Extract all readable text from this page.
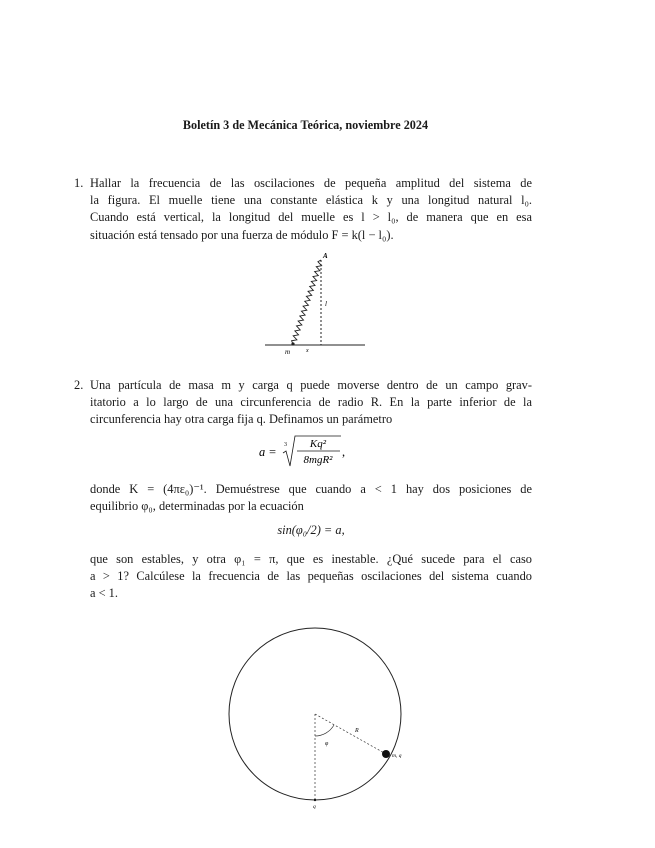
Boletín 3 de Mecánica Teórica, noviembre 2024
1. Hallar la frecuencia de las oscilaciones de pequeña amplitud del sistema de
la figura. El muelle tiene una constante elástica k y una longitud natural l₀.
Cuando está vertical, la longitud del muelle es l > l₀, de manera que en esa
situación está tensado por una fuerza de módulo F = k(l − l₀).
A
l
m	x
2. Una partícula de masa m y carga q puede moverse dentro de un campo grav-
itatorio a lo largo de una circunferencia de radio R. En la parte inferior de la
circunferencia hay otra carga fija q. Definamos un parámetro
a = 3 Kq²
8mgR²
,
donde K = (4πε₀)⁻¹. Demuéstrese que cuando a < 1 hay dos posiciones de
equilibrio φ₀, determinadas por la ecuación
sin(φ₀/2) = a,
que son estables, y otra φ₁ = π, que es inestable. ¿Qué sucede para el caso
a > 1? Calcúlese la frecuencia de las pequeñas oscilaciones del sistema cuando
a < 1.
R
φ
m, q
q
